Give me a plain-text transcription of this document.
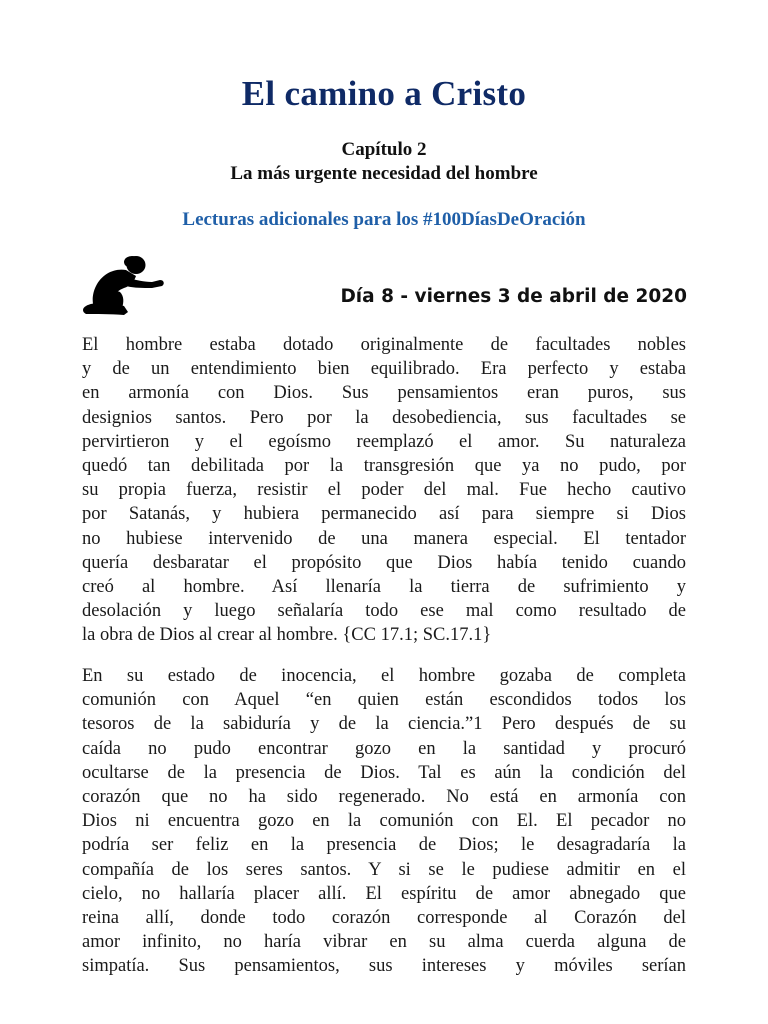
El camino a Cristo
Capítulo 2
La más urgente necesidad del hombre
Lecturas adicionales para los #100DíasDeOración
Día 8 - viernes 3 de abril de 2020
El hombre estaba dotado originalmente de facultades nobles
y de un entendimiento bien equilibrado. Era perfecto y estaba
en armonía con Dios. Sus pensamientos eran puros, sus
designios santos. Pero por la desobediencia, sus facultades se
pervirtieron y el egoísmo reemplazó el amor. Su naturaleza
quedó tan debilitada por la transgresión que ya no pudo, por
su propia fuerza, resistir el poder del mal. Fue hecho cautivo
por Satanás, y hubiera permanecido así para siempre si Dios
no hubiese intervenido de una manera especial. El tentador
quería desbaratar el propósito que Dios había tenido cuando
creó al hombre. Así llenaría la tierra de sufrimiento y
desolación y luego señalaría todo ese mal como resultado de
la obra de Dios al crear al hombre. {CC 17.1; SC.17.1}
En su estado de inocencia, el hombre gozaba de completa
comunión con Aquel “en quien están escondidos todos los
tesoros de la sabiduría y de la ciencia.”1 Pero después de su
caída no pudo encontrar gozo en la santidad y procuró
ocultarse de la presencia de Dios. Tal es aún la condición del
corazón que no ha sido regenerado. No está en armonía con
Dios ni encuentra gozo en la comunión con El. El pecador no
podría ser feliz en la presencia de Dios; le desagradaría la
compañía de los seres santos. Y si se le pudiese admitir en el
cielo, no hallaría placer allí. El espíritu de amor abnegado que
reina allí, donde todo corazón corresponde al Corazón del
amor infinito, no haría vibrar en su alma cuerda alguna de
simpatía. Sus pensamientos, sus intereses y móviles serían
